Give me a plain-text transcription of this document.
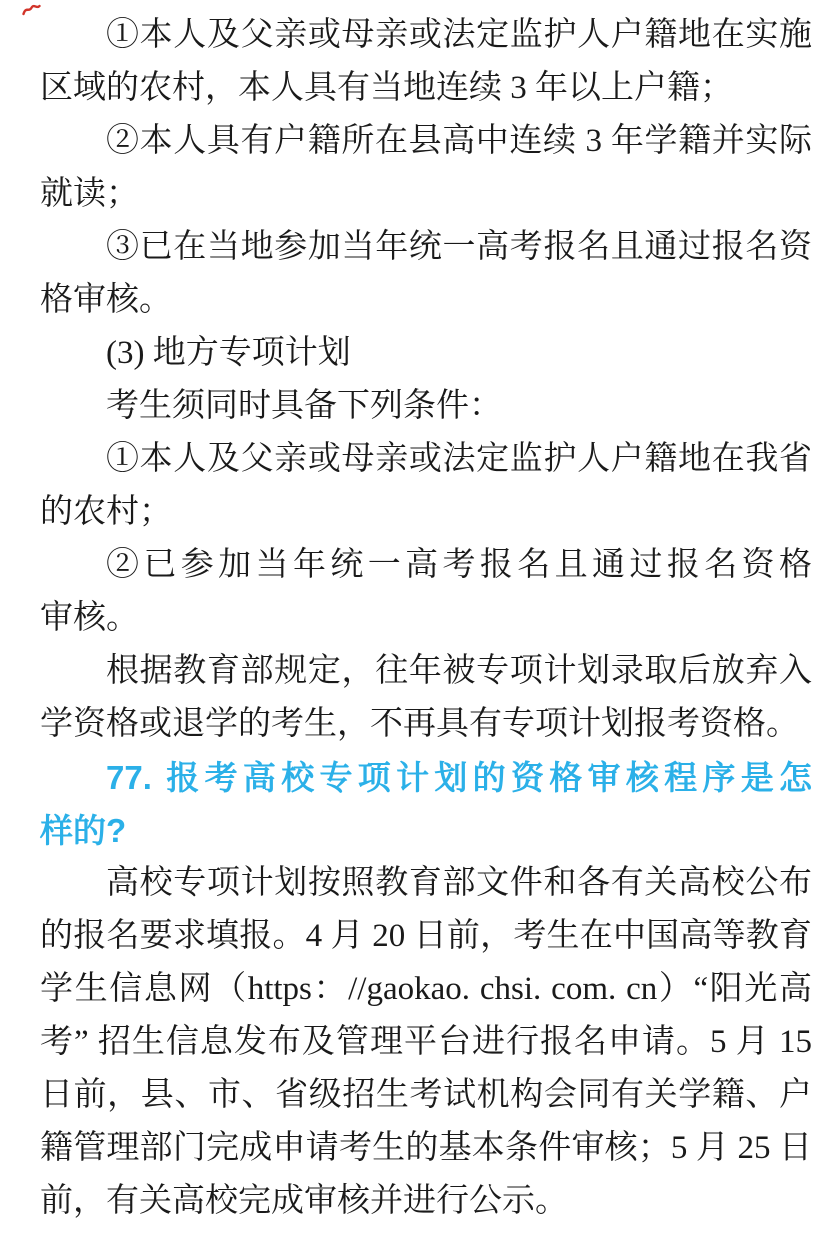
①本人及父亲或母亲或法定监护人户籍地在实施区域的农村，本人具有当地连续 3 年以上户籍；

②本人具有户籍所在县高中连续 3 年学籍并实际就读；

③已在当地参加当年统一高考报名且通过报名资格审核。

(3) 地方专项计划

考生须同时具备下列条件：

①本人及父亲或母亲或法定监护人户籍地在我省的农村；

②已参加当年统一高考报名且通过报名资格
审核。

根据教育部规定，往年被专项计划录取后放弃入学资格或退学的考生，不再具有专项计划报考资格。

77. 报考高校专项计划的资格审核程序是怎
样的?

高校专项计划按照教育部文件和各有关高校公布的报名要求填报。4 月 20 日前，考生在中国高等教育学生信息网（https：//gaokao. chsi. com. cn）“阳光高考” 招生信息发布及管理平台进行报名申请。5 月 15 日前，县、市、省级招生考试机构会同有关学籍、户籍管理部门完成申请考生的基本条件审核；5 月 25 日前，有关高校完成审核并进行公示。
